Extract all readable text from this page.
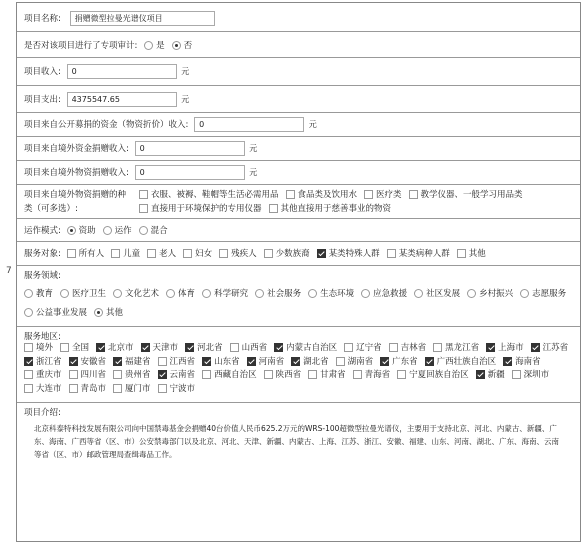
7
项目名称: 捐赠微型拉曼光谱仪项目
是否对该项目进行了专项审计: 是 否
项目收入: 0	元
项目支出: 4375547.65	元
项目来自公开募捐的资金（物资折价）收入: 0	元
项目来自境外资金捐赠收入: 0	元
项目来自境外物资捐赠收入: 0	元
项目来自境外物资捐赠的种
类（可多选）:
衣服、被褥、鞋帽等生活必需用品 食品类及饮用水 医疗类 教学仪器、一般学习用品类直接用于环境保护的专用仪器 其他直接用于慈善事业的物资
运作模式: 资助 运作 混合
服务对象: 所有人 儿童 老人 妇女 残疾人 少数族裔 某类特殊人群 某类病种人群 其他
服务领域:
教育 医疗卫生 文化艺术 体育 科学研究 社会服务 生态环境 应急救援 社区发展 乡村振兴 志愿服务公益事业发展 其他
服务地区:
境外 全国 北京市 天津市 河北省 山西省 内蒙古自治区 辽宁省 吉林省 黑龙江省 上海市 江苏省浙江省 安徽省 福建省 江西省 山东省 河南省 湖北省 湖南省 广东省 广西壮族自治区 海南省重庆市 四川省 贵州省 云南省 西藏自治区 陕西省 甘肃省 青海省 宁夏回族自治区 新疆 深圳市大连市 青岛市 厦门市 宁波市
项目介绍:
北京科泰特科技发展有限公司向中国禁毒基金会捐赠40台价值人民币625.2万元的WRS-100超微型拉曼光谱仪，主要用于支持北京、河北、内蒙古、新疆、广东、海南、广西等省（区、市）公安禁毒部门以及北京、河北、天津、新疆、内蒙古、上海、江苏、浙江、安徽、福建、山东、河南、湖北、广东、海南、云南等省（区、市）邮政管理局查缉毒品工作。
